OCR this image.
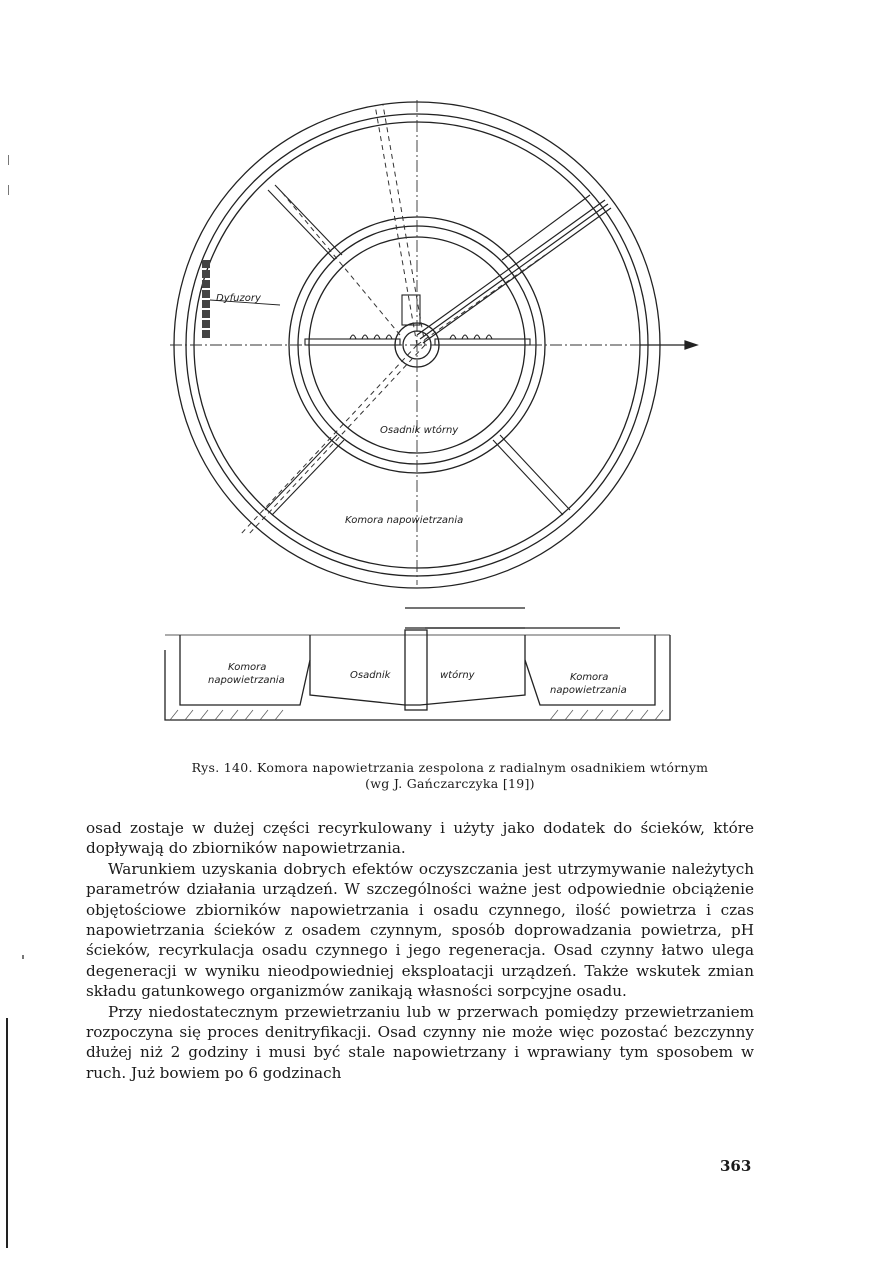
Dyfuzory
Osadnik wtórny
Komora napowietrzania
Komora
napowietrzania	Osadnik	wtórny	Komora
napowietrzania
Rys. 140. Komora napowietrzania zespolona z radialnym osadnikiem wtórnym
(wg J. Gańczarczyka [19])

osad zostaje w dużej części recyrkulowany i użyty jako dodatek do ścieków, które dopływają do zbiorników napowietrzania.

Warunkiem uzyskania dobrych efektów oczyszczania jest utrzymywanie należytych parametrów działania urządzeń. W szczególności ważne jest odpowiednie obciążenie objętościowe zbiorników napowietrzania i osadu czynnego, ilość powietrza i czas napowietrzania ścieków z osadem czynnym, sposób doprowadzania powietrza, pH ścieków, recyrkulacja osadu czynnego i jego regeneracja. Osad czynny łatwo ulega degeneracji w wyniku nieodpowiedniej eksploatacji urządzeń. Także wskutek zmian składu gatunkowego organizmów zanikają własności sorpcyjne osadu.

Przy niedostatecznym przewietrzaniu lub w przerwach pomiędzy przewietrzaniem rozpoczyna się proces denitryfikacji. Osad czynny nie może więc pozostać bezczynny dłużej niż 2 godziny i musi być stale napowietrzany i wprawiany tym sposobem w ruch. Już bowiem po 6 godzinach

363
